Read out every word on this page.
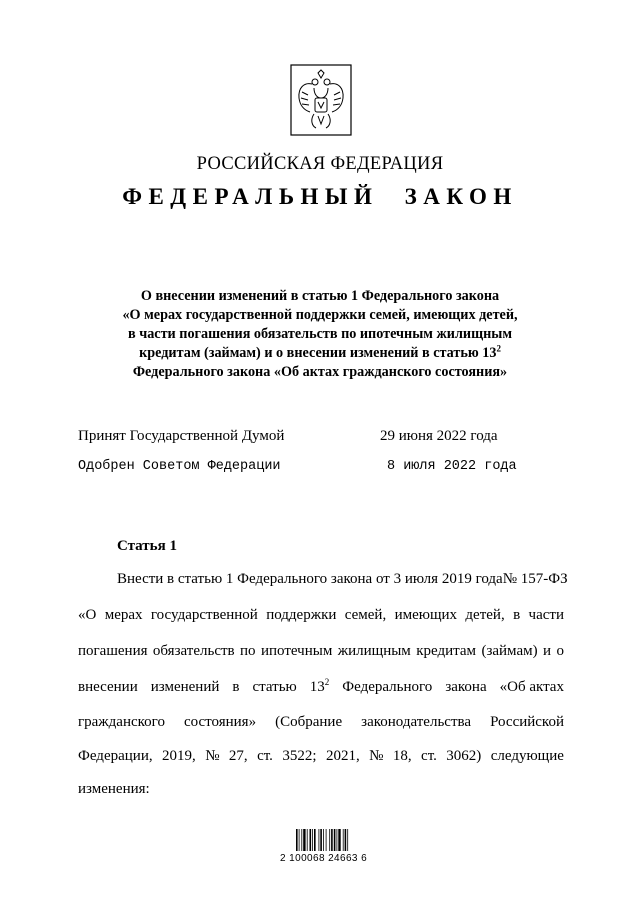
РОССИЙСКАЯ ФЕДЕРАЦИЯ
ФЕДЕРАЛЬНЫЙ ЗАКОН
О внесении изменений в статью 1 Федерального закона
«О мерах государственной поддержки семей, имеющих детей,
в части погашения обязательств по ипотечным жилищным
кредитам (займам) и о внесении изменений в статью $13^2$
Федерального закона «Об актах гражданского состояния»
Принят Государственной Думой	29 июня 2022 года
Одобрен Советом Федерации	8 июля 2022 года
Статья 1
Внести в статью 1 Федерального закона от 3 июля 2019 года № 157-ФЗ
«О мерах государственной поддержки семей, имеющих детей, в части
погашения обязательств по ипотечным жилищным кредитам (займам) и о
внесении изменений в статью $13^2$ Федерального закона «Об актах
гражданского состояния» (Собрание законодательства Российской
Федерации, 2019, № 27, ст. 3522; 2021, № 18, ст. 3062) следующие
изменения:
2 100068 24663 6
